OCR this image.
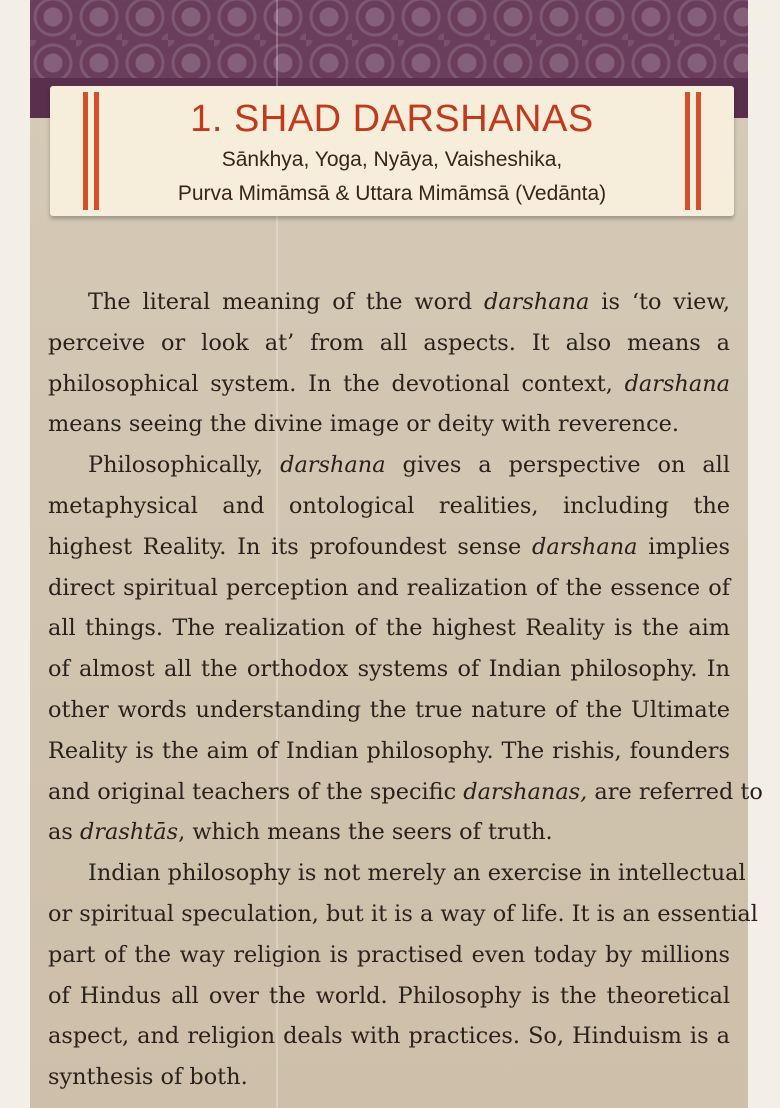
The literal meaning of the word darshana is ‘to view,
perceive or look at’ from all aspects. It also means a
philosophical system. In the devotional context, darshana
means seeing the divine image or deity with reverence.
Philosophically, darshana gives a perspective on all
metaphysical and ontological realities, including the
highest Reality. In its profoundest sense darshana implies
direct spiritual perception and realization of the essence of
all things. The realization of the highest Reality is the aim
of almost all the orthodox systems of Indian philosophy. In
other words understanding the true nature of the Ultimate
Reality is the aim of Indian philosophy. The rishis, founders
and original teachers of the specific darshanas, are referred to
as drashtās, which means the seers of truth.
Indian philosophy is not merely an exercise in intellectual
or spiritual speculation, but it is a way of life. It is an essential
part of the way religion is practised even today by millions
of Hindus all over the world. Philosophy is the theoretical
aspect, and religion deals with practices. So, Hinduism is a
synthesis of both.
1. SHAD DARSHANAS
Sānkhya, Yoga, Nyāya, Vaisheshika,
Purva Mimāmsā & Uttara Mimāmsā (Vedānta)
